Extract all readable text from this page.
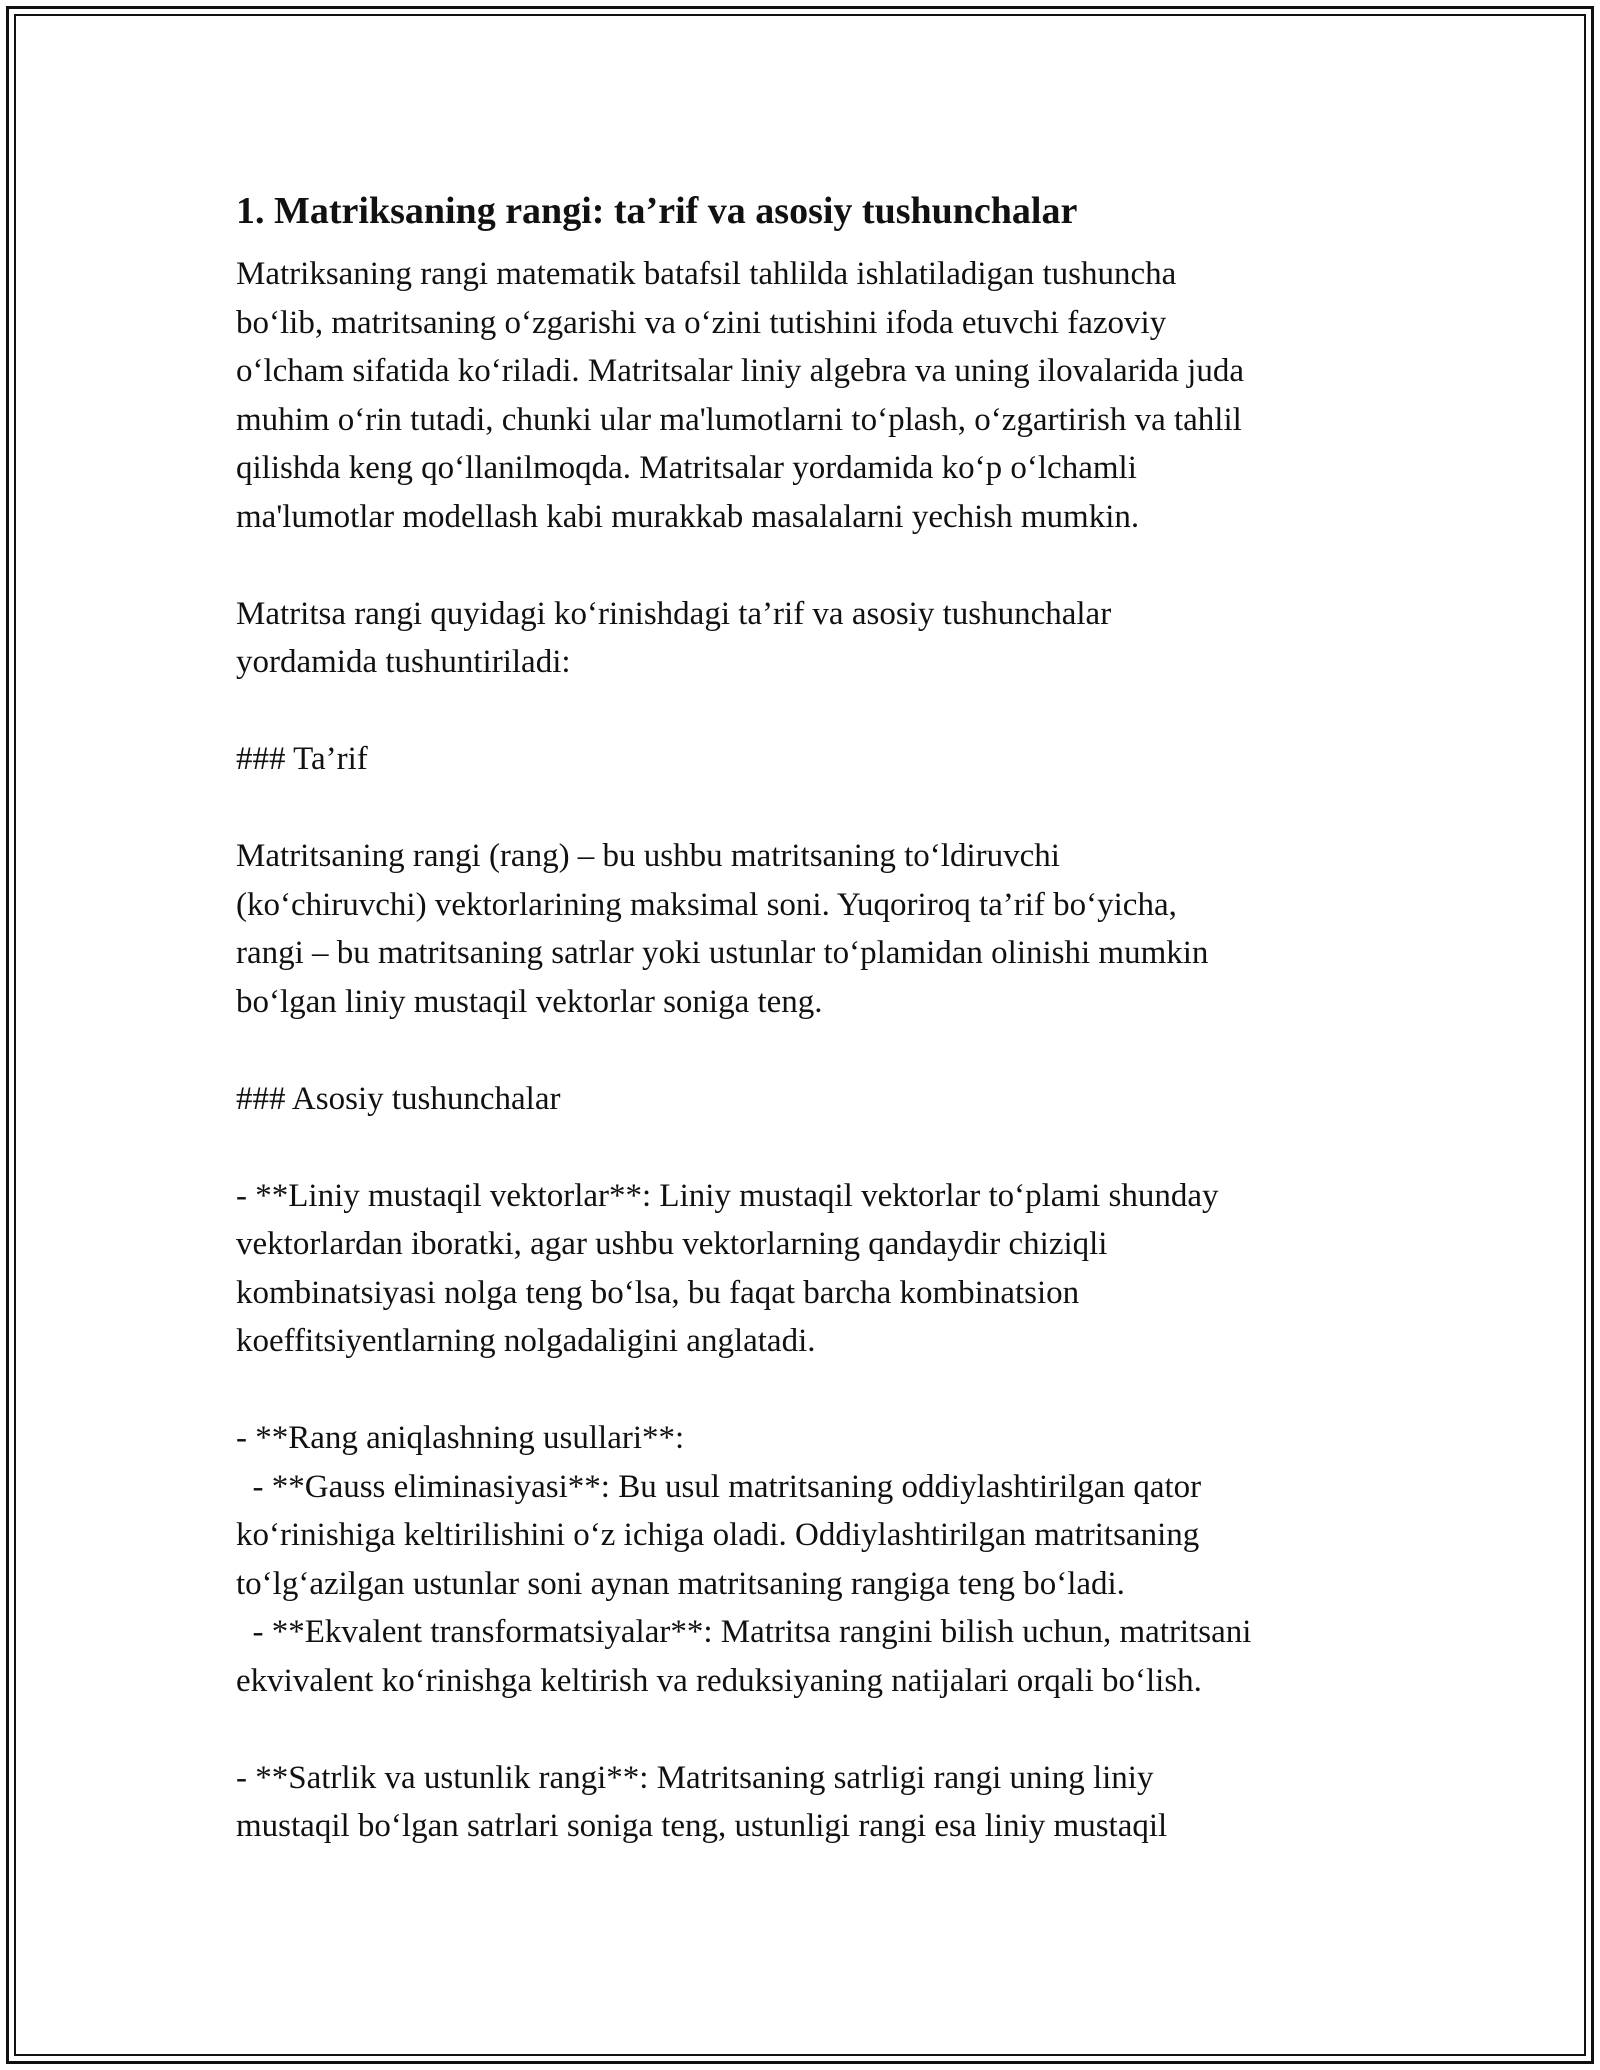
1. Matriksaning rangi: ta’rif va asosiy tushunchalar

Matriksaning rangi matematik batafsil tahlilda ishlatiladigan tushuncha
bo‘lib, matritsaning o‘zgarishi va o‘zini tutishini ifoda etuvchi fazoviy
o‘lcham sifatida ko‘riladi. Matritsalar liniy algebra va uning ilovalarida juda
muhim o‘rin tutadi, chunki ular ma'lumotlarni to‘plash, o‘zgartirish va tahlil
qilishda keng qo‘llanilmoqda. Matritsalar yordamida ko‘p o‘lchamli
ma'lumotlar modellash kabi murakkab masalalarni yechish mumkin.

Matritsa rangi quyidagi ko‘rinishdagi ta’rif va asosiy tushunchalar
yordamida tushuntiriladi:

### Ta’rif

Matritsaning rangi (rang) – bu ushbu matritsaning to‘ldiruvchi
(ko‘chiruvchi) vektorlarining maksimal soni. Yuqoriroq ta’rif bo‘yicha,
rangi – bu matritsaning satrlar yoki ustunlar to‘plamidan olinishi mumkin
bo‘lgan liniy mustaqil vektorlar soniga teng.

### Asosiy tushunchalar

- **Liniy mustaqil vektorlar**: Liniy mustaqil vektorlar to‘plami shunday
vektorlardan iboratki, agar ushbu vektorlarning qandaydir chiziqli
kombinatsiyasi nolga teng bo‘lsa, bu faqat barcha kombinatsion
koeffitsiyentlarning nolgadaligini anglatadi.

- **Rang aniqlashning usullari**:
- **Gauss eliminasiyasi**: Bu usul matritsaning oddiylashtirilgan qator
ko‘rinishiga keltirilishini o‘z ichiga oladi. Oddiylashtirilgan matritsaning
to‘lg‘azilgan ustunlar soni aynan matritsaning rangiga teng bo‘ladi.
- **Ekvalent transformatsiyalar**: Matritsa rangini bilish uchun, matritsani
ekvivalent ko‘rinishga keltirish va reduksiyaning natijalari orqali bo‘lish.

- **Satrlik va ustunlik rangi**: Matritsaning satrligi rangi uning liniy
mustaqil bo‘lgan satrlari soniga teng, ustunligi rangi esa liniy mustaqil
